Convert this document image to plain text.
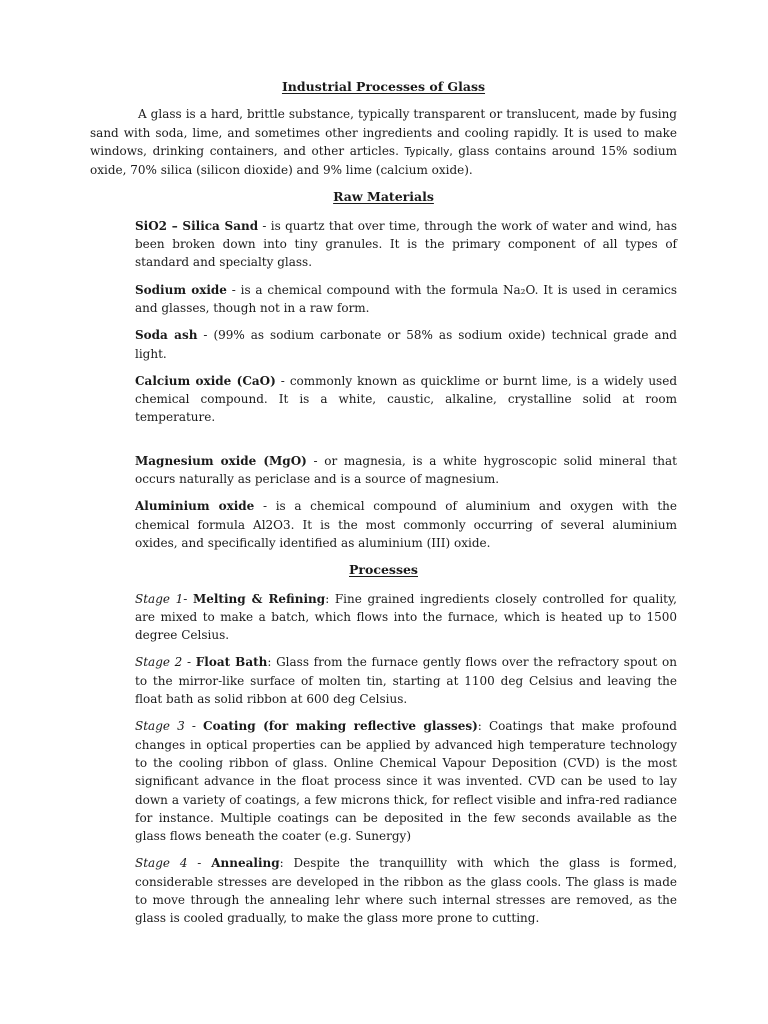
Industrial Processes of Glass

A glass is a hard, brittle substance, typically transparent or translucent, made by fusing sand with soda, lime, and sometimes other ingredients and cooling rapidly. It is used to make windows, drinking containers, and other articles. Typically, glass contains around 15% sodium oxide, 70% silica (silicon dioxide) and 9% lime (calcium oxide).

Raw Materials

SiO2 – Silica Sand - is quartz that over time, through the work of water and wind, has been broken down into tiny granules. It is the primary component of all types of standard and specialty glass.

Sodium oxide - is a chemical compound with the formula Na₂O. It is used in ceramics and glasses, though not in a raw form.

Soda ash - (99% as sodium carbonate or 58% as sodium oxide) technical grade and light.

Calcium oxide (CaO) - commonly known as quicklime or burnt lime, is a widely used chemical compound. It is a white, caustic, alkaline, crystalline solid at room temperature.

Magnesium oxide (MgO) - or magnesia, is a white hygroscopic solid mineral that occurs naturally as periclase and is a source of magnesium.

Aluminium oxide - is a chemical compound of aluminium and oxygen with the chemical formula Al2O3. It is the most commonly occurring of several aluminium oxides, and specifically identified as aluminium (III) oxide.

Processes

Stage 1- Melting & Refining: Fine grained ingredients closely controlled for quality, are mixed to make a batch, which flows into the furnace, which is heated up to 1500 degree Celsius.

Stage 2 - Float Bath: Glass from the furnace gently flows over the refractory spout on to the mirror-like surface of molten tin, starting at 1100 deg Celsius and leaving the float bath as solid ribbon at 600 deg Celsius.

Stage 3 - Coating (for making reflective glasses): Coatings that make profound changes in optical properties can be applied by advanced high temperature technology to the cooling ribbon of glass. Online Chemical Vapour Deposition (CVD) is the most significant advance in the float process since it was invented. CVD can be used to lay down a variety of coatings, a few microns thick, for reflect visible and infra-red radiance for instance. Multiple coatings can be deposited in the few seconds available as the glass flows beneath the coater (e.g. Sunergy)

Stage 4 - Annealing: Despite the tranquillity with which the glass is formed, considerable stresses are developed in the ribbon as the glass cools. The glass is made to move through the annealing lehr where such internal stresses are removed, as the glass is cooled gradually, to make the glass more prone to cutting.
